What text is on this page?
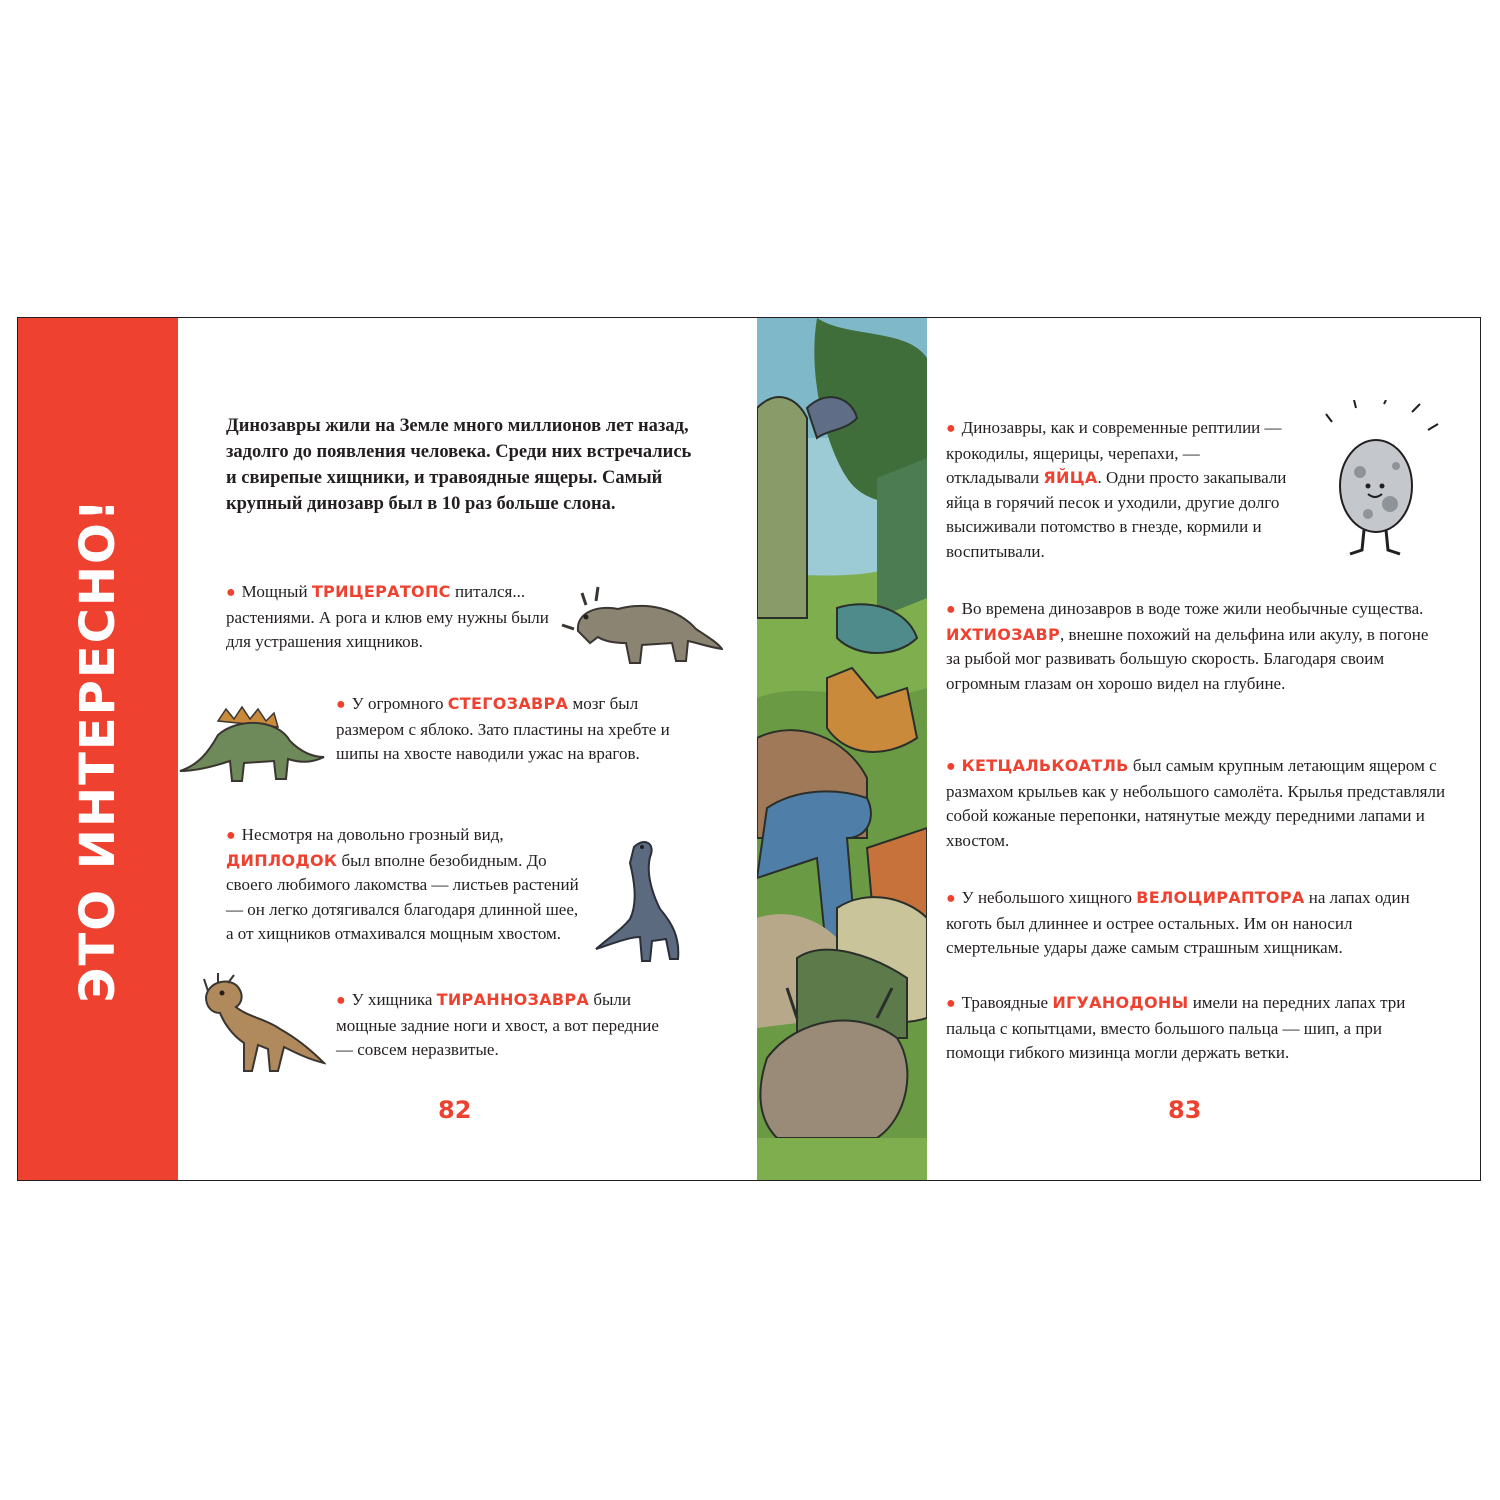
ЭТО ИНТЕРЕСНО!

Динозавры жили на Земле много миллионов лет назад, задолго до появления человека. Среди них встречались и свирепые хищники, и травоядные ящеры. Самый крупный динозавр был в 10 раз больше слона.

● Мощный ТРИЦЕРАТОПС питался... растениями. А рога и клюв ему нужны были для устрашения хищников.

● У огромного СТЕГОЗАВРА мозг был размером с яблоко. Зато пластины на хребте и шипы на хвосте наводили ужас на врагов.

● Несмотря на довольно грозный вид, ДИПЛОДОК был вполне безобидным. До своего любимого лакомства — листьев растений — он легко дотягивался благодаря длинной шее, а от хищников отмахивался мощным хвостом.

● У хищника ТИРАННОЗАВРА были мощные задние ноги и хвост, а вот передние — совсем неразвитые.

82

● Динозавры, как и современные рептилии — крокодилы, ящерицы, черепахи, — откладывали ЯЙЦА. Одни просто закапывали яйца в горячий песок и уходили, другие долго высиживали потомство в гнезде, кормили и воспитывали.

● Во времена динозавров в воде тоже жили необычные существа. ИХТИОЗАВР, внешне похожий на дельфина или акулу, в погоне за рыбой мог развивать большую скорость. Благодаря своим огромным глазам он хорошо видел на глубине.

● КЕТЦАЛЬКОАТЛЬ был самым крупным летающим ящером с размахом крыльев как у небольшого самолёта. Крылья представляли собой кожаные перепонки, натянутые между передними лапами и хвостом.

● У небольшого хищного ВЕЛОЦИРАПТОРА на лапах один коготь был длиннее и острее остальных. Им он наносил смертельные удары даже самым страшным хищникам.

● Травоядные ИГУАНОДОНЫ имели на передних лапах три пальца с копытцами, вместо большого пальца — шип, а при помощи гибкого мизинца могли держать ветки.

83
